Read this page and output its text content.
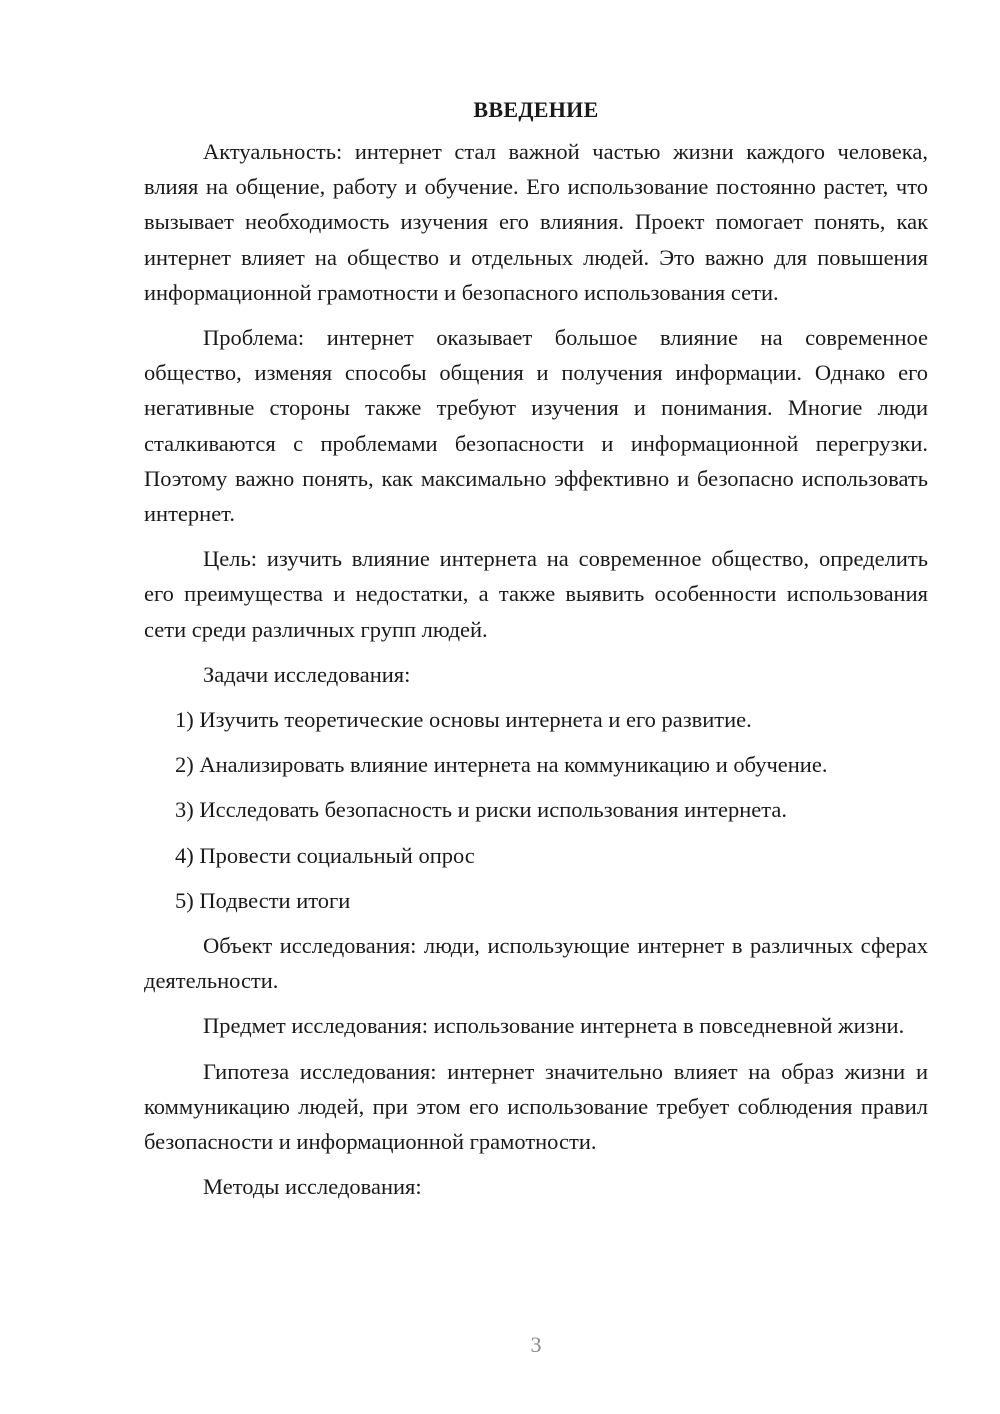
ВВЕДЕНИЕ

Актуальность: интернет стал важной частью жизни каждого человека, влияя на общение, работу и обучение. Его использование постоянно растет, что вызывает необходимость изучения его влияния. Проект помогает понять, как интернет влияет на общество и отдельных людей. Это важно для повышения информационной грамотности и безопасного использования сети.

Проблема: интернет оказывает большое влияние на современное общество, изменяя способы общения и получения информации. Однако его негативные стороны также требуют изучения и понимания. Многие люди сталкиваются с проблемами безопасности и информационной перегрузки. Поэтому важно понять, как максимально эффективно и безопасно использовать интернет.

Цель: изучить влияние интернета на современное общество, определить его преимущества и недостатки, а также выявить особенности использования сети среди различных групп людей.

Задачи исследования:

1) Изучить теоретические основы интернета и его развитие.
2) Анализировать влияние интернета на коммуникацию и обучение.
3) Исследовать безопасность и риски использования интернета.
4) Провести социальный опрос
5) Подвести итоги

Объект исследования: люди, использующие интернет в различных сферах деятельности.

Предмет исследования: использование интернета в повседневной жизни.

Гипотеза исследования: интернет значительно влияет на образ жизни и коммуникацию людей, при этом его использование требует соблюдения правил безопасности и информационной грамотности.

Методы исследования:

3
